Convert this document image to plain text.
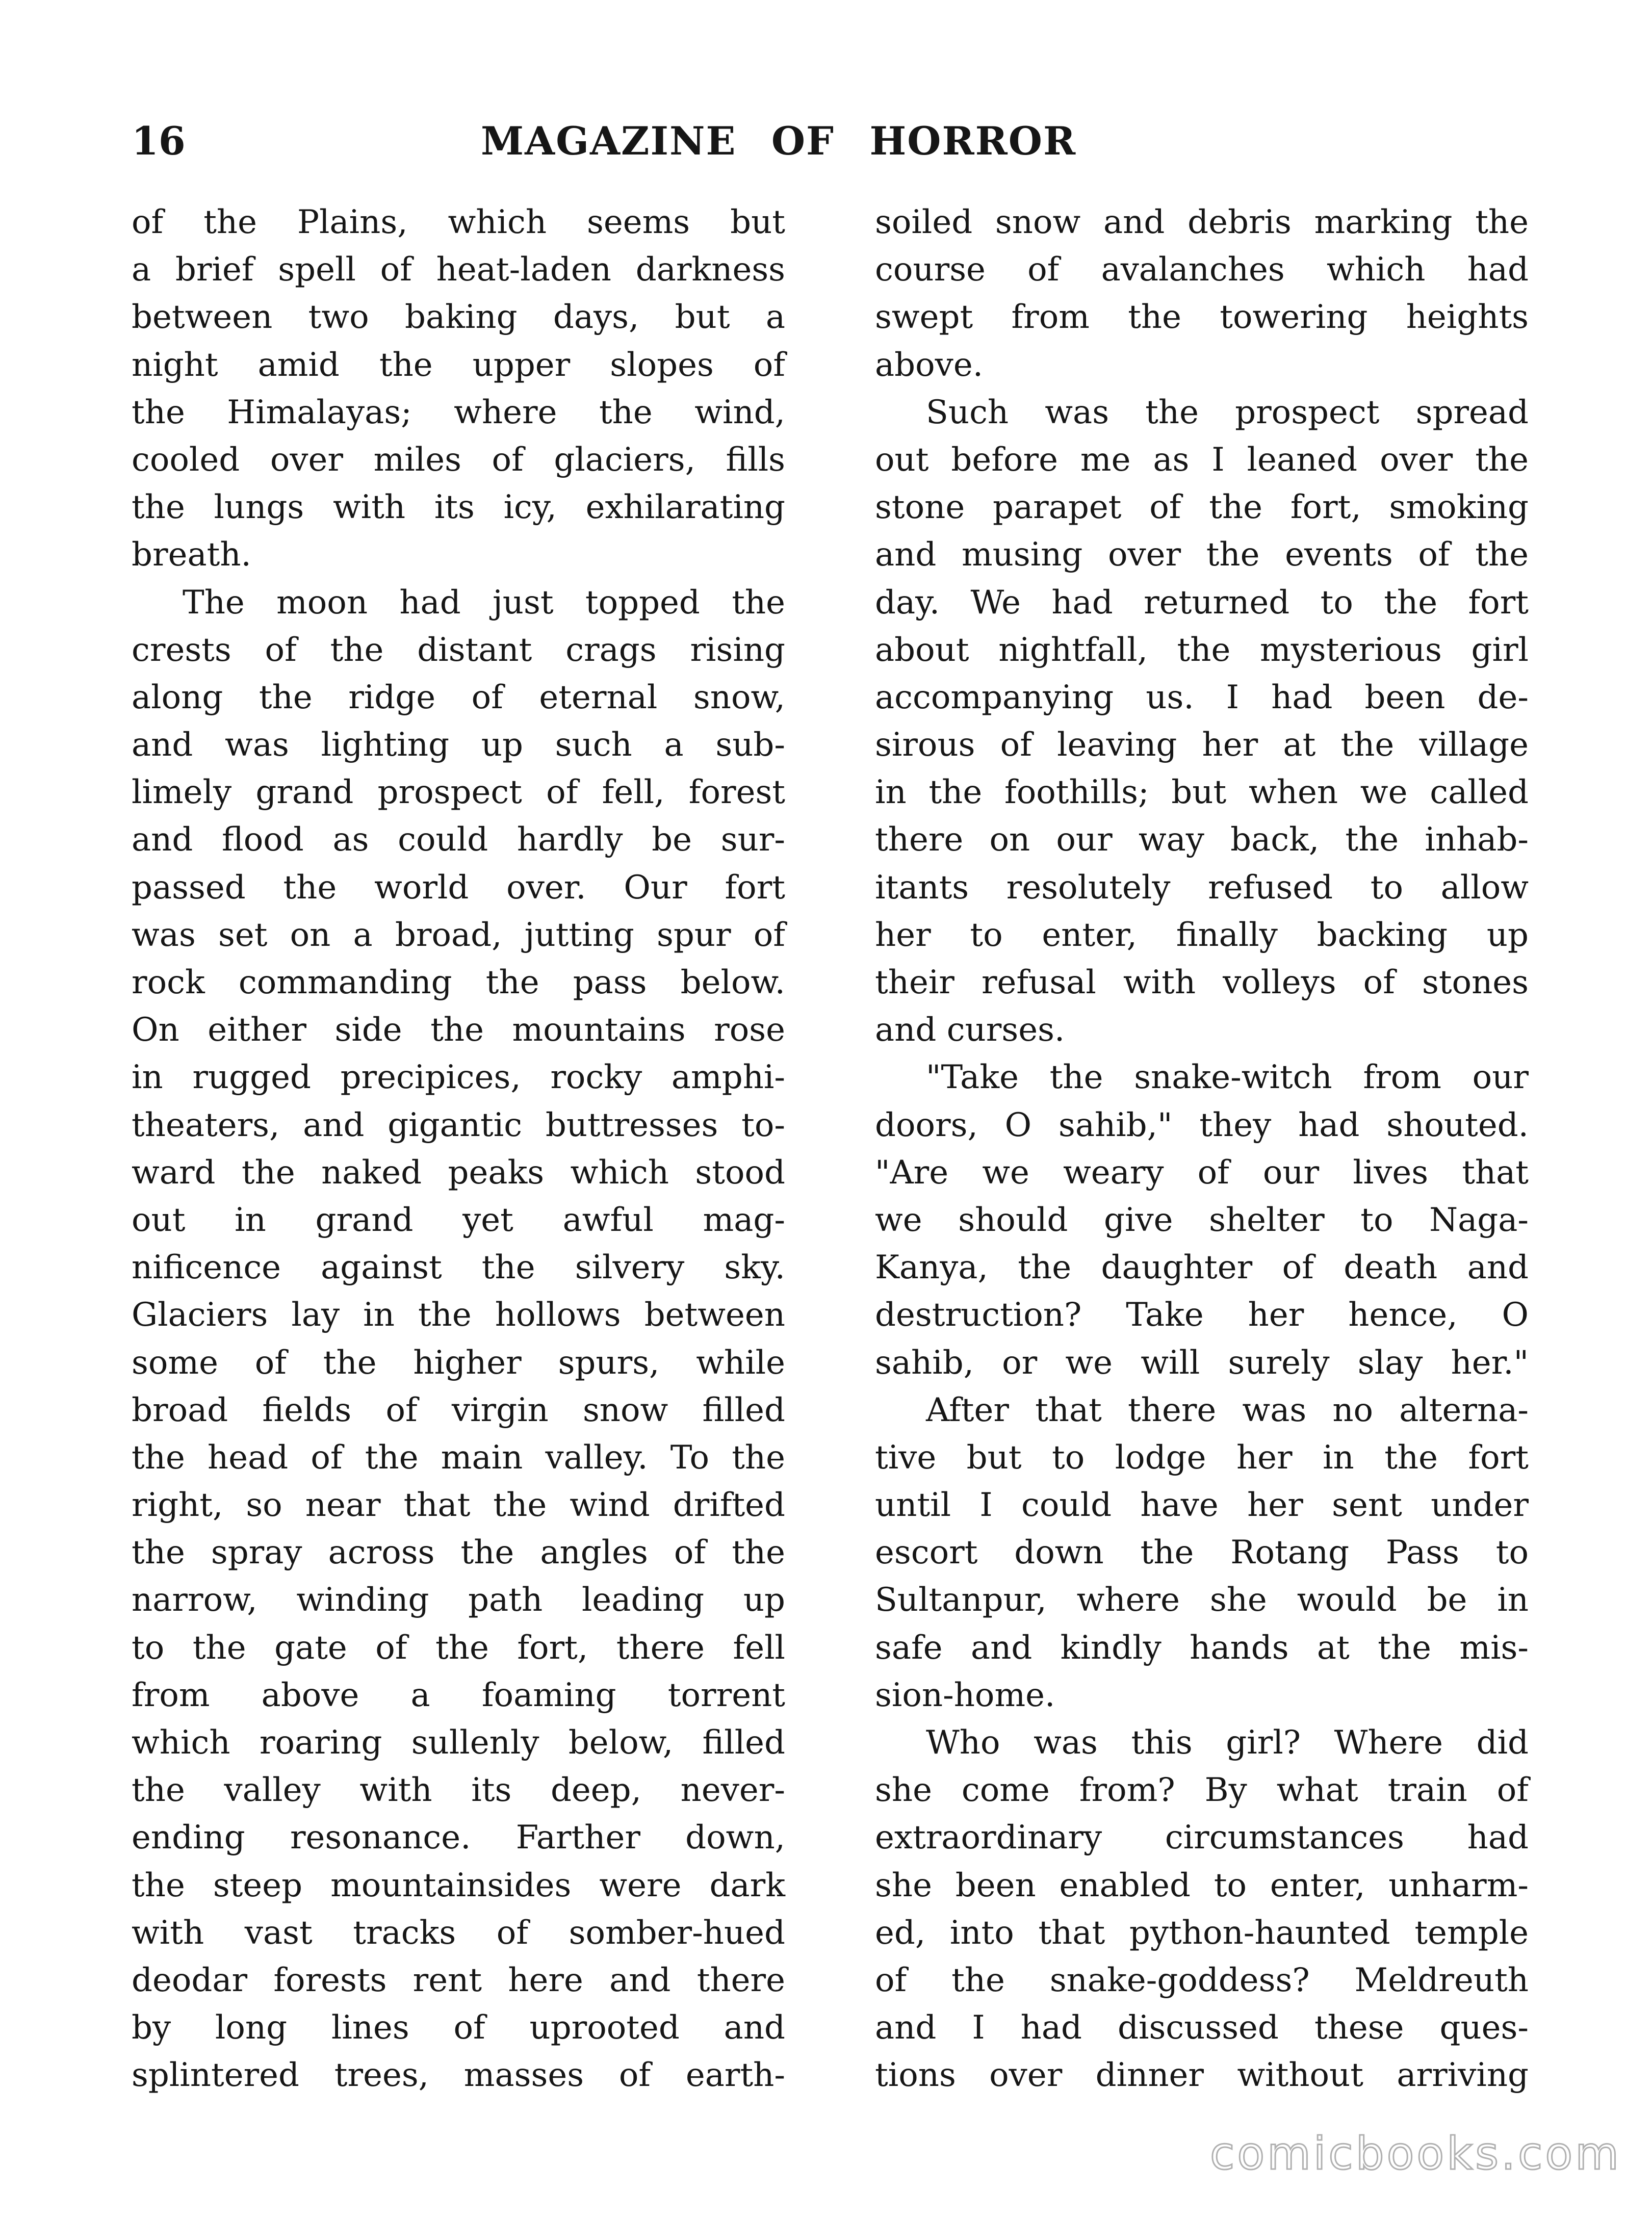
16	MAGAZINE OF HORROR
of the Plains, which seems but
a brief spell of heat-laden darkness
between two baking days, but a
night amid the upper slopes of
the Himalayas; where the wind,
cooled over miles of glaciers, fills
the lungs with its icy, exhilarating
breath.
The moon had just topped the
crests of the distant crags rising
along the ridge of eternal snow,
and was lighting up such a sub-
limely grand prospect of fell, forest
and flood as could hardly be sur-
passed the world over. Our fort
was set on a broad, jutting spur of
rock commanding the pass below.
On either side the mountains rose
in rugged precipices, rocky amphi-
theaters, and gigantic buttresses to-
ward the naked peaks which stood
out in grand yet awful mag-
nificence against the silvery sky.
Glaciers lay in the hollows between
some of the higher spurs, while
broad fields of virgin snow filled
the head of the main valley. To the
right, so near that the wind drifted
the spray across the angles of the
narrow, winding path leading up
to the gate of the fort, there fell
from above a foaming torrent
which roaring sullenly below, filled
the valley with its deep, never-
ending resonance. Farther down,
the steep mountainsides were dark
with vast tracks of somber-hued
deodar forests rent here and there
by long lines of uprooted and
splintered trees, masses of earth-
soiled snow and debris marking the
course of avalanches which had
swept from the towering heights
above.
Such was the prospect spread
out before me as I leaned over the
stone parapet of the fort, smoking
and musing over the events of the
day. We had returned to the fort
about nightfall, the mysterious girl
accompanying us. I had been de-
sirous of leaving her at the village
in the foothills; but when we called
there on our way back, the inhab-
itants resolutely refused to allow
her to enter, finally backing up
their refusal with volleys of stones
and curses.
"Take the snake-witch from our
doors, O sahib," they had shouted.
"Are we weary of our lives that
we should give shelter to Naga-
Kanya, the daughter of death and
destruction? Take her hence, O
sahib, or we will surely slay her."
After that there was no alterna-
tive but to lodge her in the fort
until I could have her sent under
escort down the Rotang Pass to
Sultanpur, where she would be in
safe and kindly hands at the mis-
sion-home.
Who was this girl? Where did
she come from? By what train of
extraordinary circumstances had
she been enabled to enter, unharm-
ed, into that python-haunted temple
of the snake-goddess? Meldreuth
and I had discussed these ques-
tions over dinner without arriving
comicbooks.com
